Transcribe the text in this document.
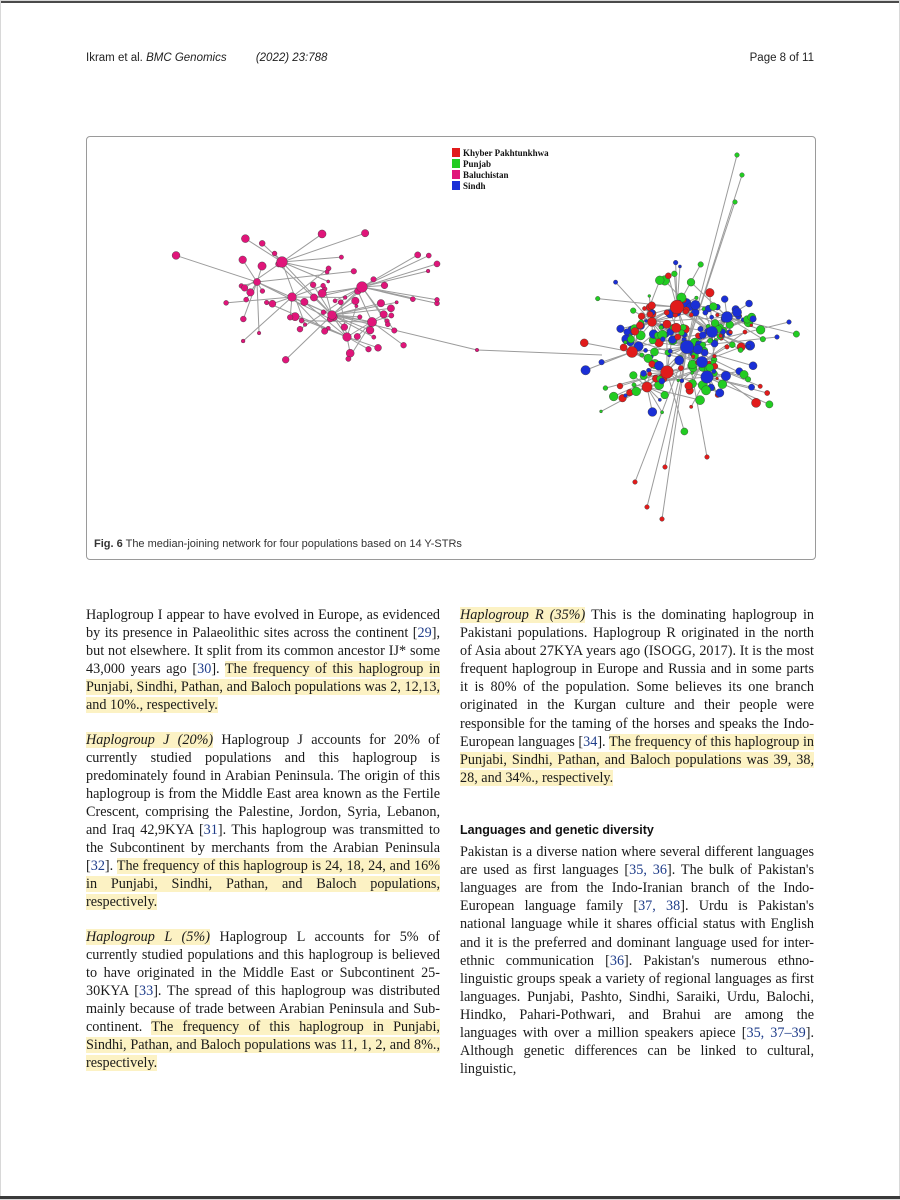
Ikram et al. BMC Genomics	(2022) 23:788	Page 8 of 11
Khyber Pakhtunkhwa
Punjab
Baluchistan
Sindh
Fig. 6 The median-joining network for four populations based on 14 Y-STRs

Haplogroup I appear to have evolved in Europe, as evidenced by its presence in Palaeolithic sites across the continent [29], but not elsewhere. It split from its common ancestor IJ* some 43,000 years ago [30]. The frequency of this haplogroup in Punjabi, Sindhi, Pathan, and Baloch populations was 2, 12,13, and 10%., respectively.

Haplogroup J (20%) Haplogroup J accounts for 20% of currently studied populations and this haplogroup is predominately found in Arabian Peninsula. The origin of this haplogroup is from the Middle East area known as the Fertile Crescent, comprising the Palestine, Jordon, Syria, Lebanon, and Iraq 42,9KYA [31]. This haplogroup was transmitted to the Subcontinent by merchants from the Arabian Peninsula [32]. The frequency of this haplogroup is 24, 18, 24, and 16% in Punjabi, Sindhi, Pathan, and Baloch populations, respectively.

Haplogroup L (5%) Haplogroup L accounts for 5% of currently studied populations and this haplogroup is believed to have originated in the Middle East or Subcontinent 25-30KYA [33]. The spread of this haplogroup was distributed mainly because of trade between Arabian Peninsula and Sub-continent. The frequency of this haplogroup in Punjabi, Sindhi, Pathan, and Baloch populations was 11, 1, 2, and 8%., respectively.

Haplogroup R (35%) This is the dominating haplogroup in Pakistani populations. Haplogroup R originated in the north of Asia about 27KYA years ago (ISOGG, 2017). It is the most frequent haplogroup in Europe and Russia and in some parts it is 80% of the population. Some believes its one branch originated in the Kurgan culture and their people were responsible for the taming of the horses and speaks the Indo-European languages [34]. The frequency of this haplogroup in Punjabi, Sindhi, Pathan, and Baloch populations was 39, 38, 28, and 34%., respectively.

Languages and genetic diversity

Pakistan is a diverse nation where several different languages are used as first languages [35, 36]. The bulk of Pakistan's languages are from the Indo-Iranian branch of the Indo-European language family [37, 38]. Urdu is Pakistan's national language while it shares official status with English and it is the preferred and dominant language used for inter-ethnic communication [36]. Pakistan's numerous ethno-linguistic groups speak a variety of regional languages as first languages. Punjabi, Pashto, Sindhi, Saraiki, Urdu, Balochi, Hindko, Pahari-Pothwari, and Brahui are among the languages with over a million speakers apiece [35, 37–39]. Although genetic differences can be linked to cultural, linguistic,
